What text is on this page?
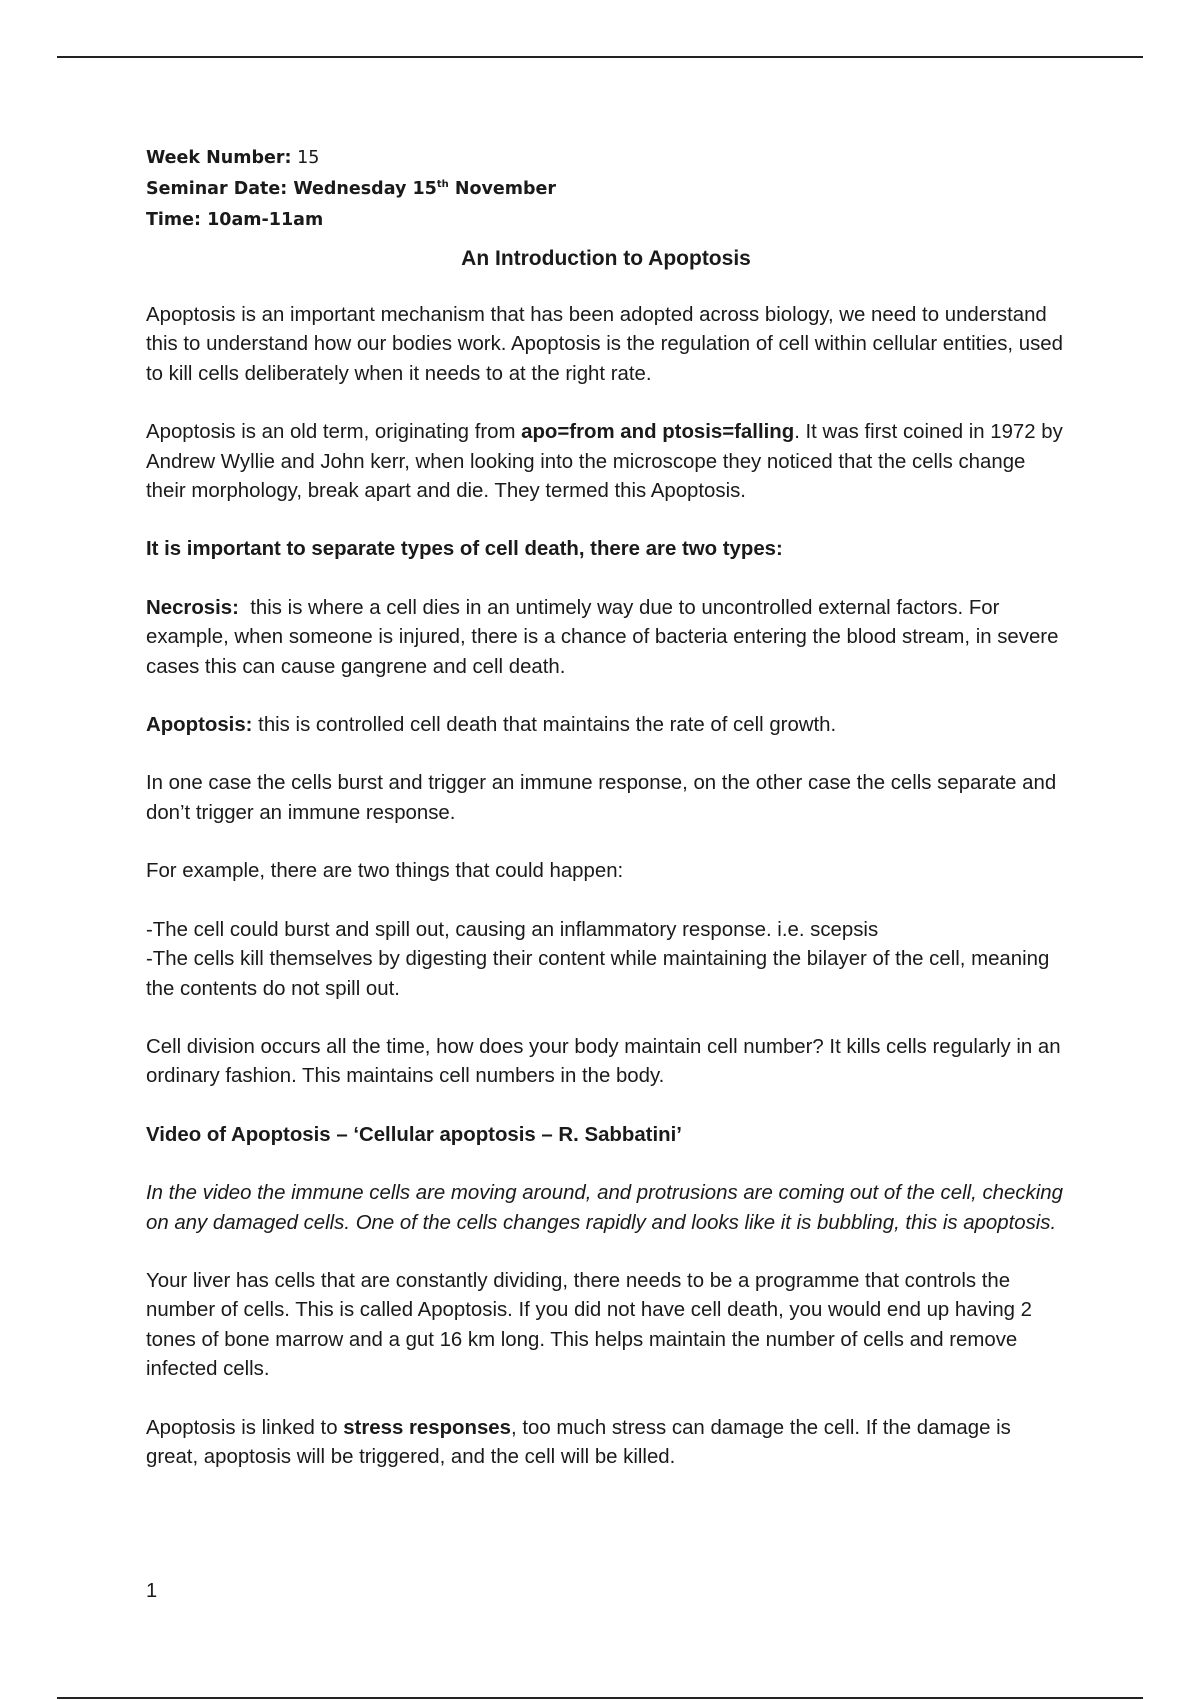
Week Number: 15
Seminar Date: Wednesday 15th November
Time: 10am-11am
An Introduction to Apoptosis

Apoptosis is an important mechanism that has been adopted across biology, we need to understand this to understand how our bodies work. Apoptosis is the regulation of cell within cellular entities, used to kill cells deliberately when it needs to at the right rate.

Apoptosis is an old term, originating from apo=from and ptosis=falling. It was first coined in 1972 by Andrew Wyllie and John kerr, when looking into the microscope they noticed that the cells change their morphology, break apart and die. They termed this Apoptosis.

It is important to separate types of cell death, there are two types:

Necrosis:  this is where a cell dies in an untimely way due to uncontrolled external factors. For example, when someone is injured, there is a chance of bacteria entering the blood stream, in severe cases this can cause gangrene and cell death.

Apoptosis: this is controlled cell death that maintains the rate of cell growth.

In one case the cells burst and trigger an immune response, on the other case the cells separate and don’t trigger an immune response.

For example, there are two things that could happen:

-The cell could burst and spill out, causing an inflammatory response. i.e. scepsis
-The cells kill themselves by digesting their content while maintaining the bilayer of the cell, meaning the contents do not spill out.

Cell division occurs all the time, how does your body maintain cell number? It kills cells regularly in an ordinary fashion. This maintains cell numbers in the body.

Video of Apoptosis – ‘Cellular apoptosis – R. Sabbatini’

In the video the immune cells are moving around, and protrusions are coming out of the cell, checking on any damaged cells. One of the cells changes rapidly and looks like it is bubbling, this is apoptosis.

Your liver has cells that are constantly dividing, there needs to be a programme that controls the number of cells. This is called Apoptosis. If you did not have cell death, you would end up having 2 tones of bone marrow and a gut 16 km long. This helps maintain the number of cells and remove infected cells.

Apoptosis is linked to stress responses, too much stress can damage the cell. If the damage is great, apoptosis will be triggered, and the cell will be killed.

1
